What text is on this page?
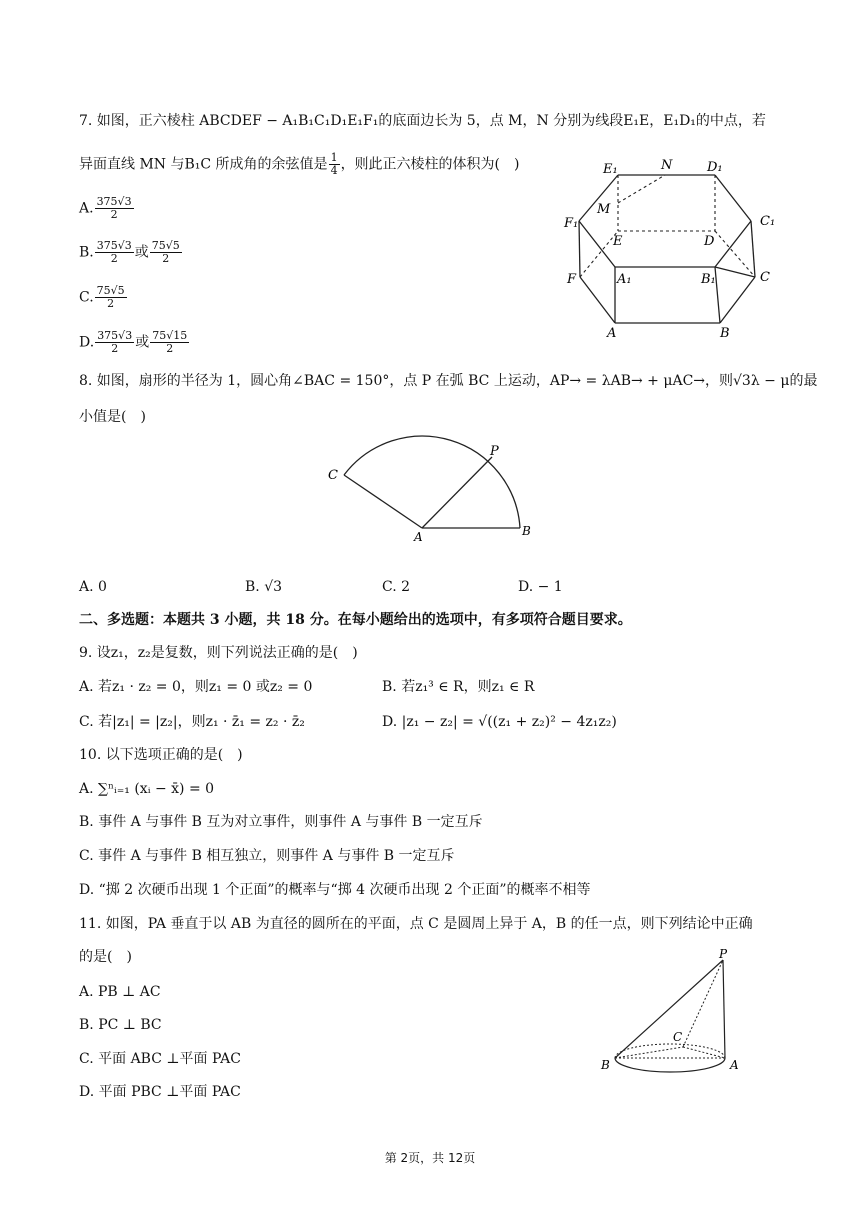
7. 如图，正六棱柱 ABCDEF − A₁B₁C₁D₁E₁F₁的底面边长为 5，点 M，N 分别为线段E₁E，E₁D₁的中点，若
异面直线 MN 与B₁C 所成角的余弦值是 $\frac{1}{4}$ ，则此正六棱柱的体积为(　)
A. $\frac{375√3}{2}$
B. $\frac{375√3}{2}$ 或 $\frac{75√5}{2}$
C. $\frac{75√5}{2}$
D. $\frac{375√3}{2}$ 或 $\frac{75√15}{2}$
E₁	N	D₁
M
F₁
E	D
C₁
F	A₁	B₁	C
A	B
8. 如图，扇形的半径为 1，圆心角∠BAC = 150°，点 P 在弧 BC 上运动，AP→ = λAB→ + μAC→，则√3λ − μ的最
小值是(　)
C
P
A	B
A. 0	B. √3	C. 2	D. − 1
二、多选题：本题共 3 小题，共 18 分。在每小题给出的选项中，有多项符合题目要求。
9. 设z₁，z₂是复数，则下列说法正确的是(　)
A. 若z₁ · z₂ = 0，则z₁ = 0 或z₂ = 0	B. 若z₁³ ∈ R，则z₁ ∈ R
C. 若|z₁| = |z₂|，则z₁ · z̄₁ = z₂ · z̄₂	D. |z₁ − z₂| = √((z₁ + z₂)² − 4z₁z₂)
10. 以下选项正确的是(　)
A. ∑ⁿᵢ₌₁ (xᵢ − x̄) = 0
B. 事件 A 与事件 B 互为对立事件，则事件 A 与事件 B 一定互斥
C. 事件 A 与事件 B 相互独立，则事件 A 与事件 B 一定互斥
D. “掷 2 次硬币出现 1 个正面”的概率与“掷 4 次硬币出现 2 个正面”的概率不相等
11. 如图，PA 垂直于以 AB 为直径的圆所在的平面，点 C 是圆周上异于 A，B 的任一点，则下列结论中正确
的是(　)
A. PB ⊥ AC
B. PC ⊥ BC
C. 平面 ABC ⊥平面 PAC
D. 平面 PBC ⊥平面 PAC
P
C
B	A
第 2页，共 12页
